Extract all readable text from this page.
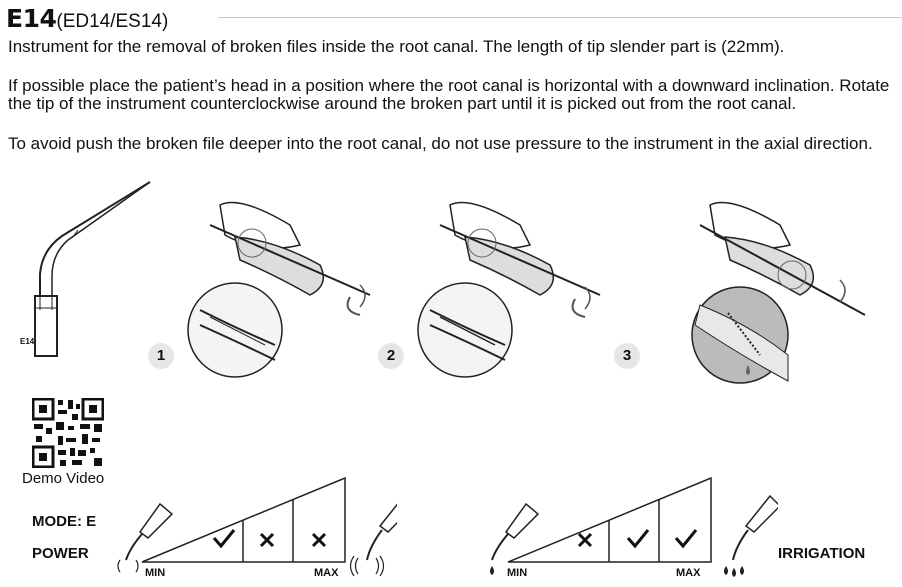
E14(ED14/ES14)

Instrument for the removal of broken files inside the root canal. The length of tip slender part is (22mm).

If possible place the patient’s head in a position where the root canal is horizontal with a downward inclination. Rotate the tip of the instrument counterclockwise around the broken part until it is picked out from the root canal.

To avoid push the broken file deeper into the root canal, do not use pressure to the instrument in the axial direction.

E14
1	2	3
Demo Video
MODE: E
POWER	IRRIGATION
MIN	MAX	MIN	MAX
